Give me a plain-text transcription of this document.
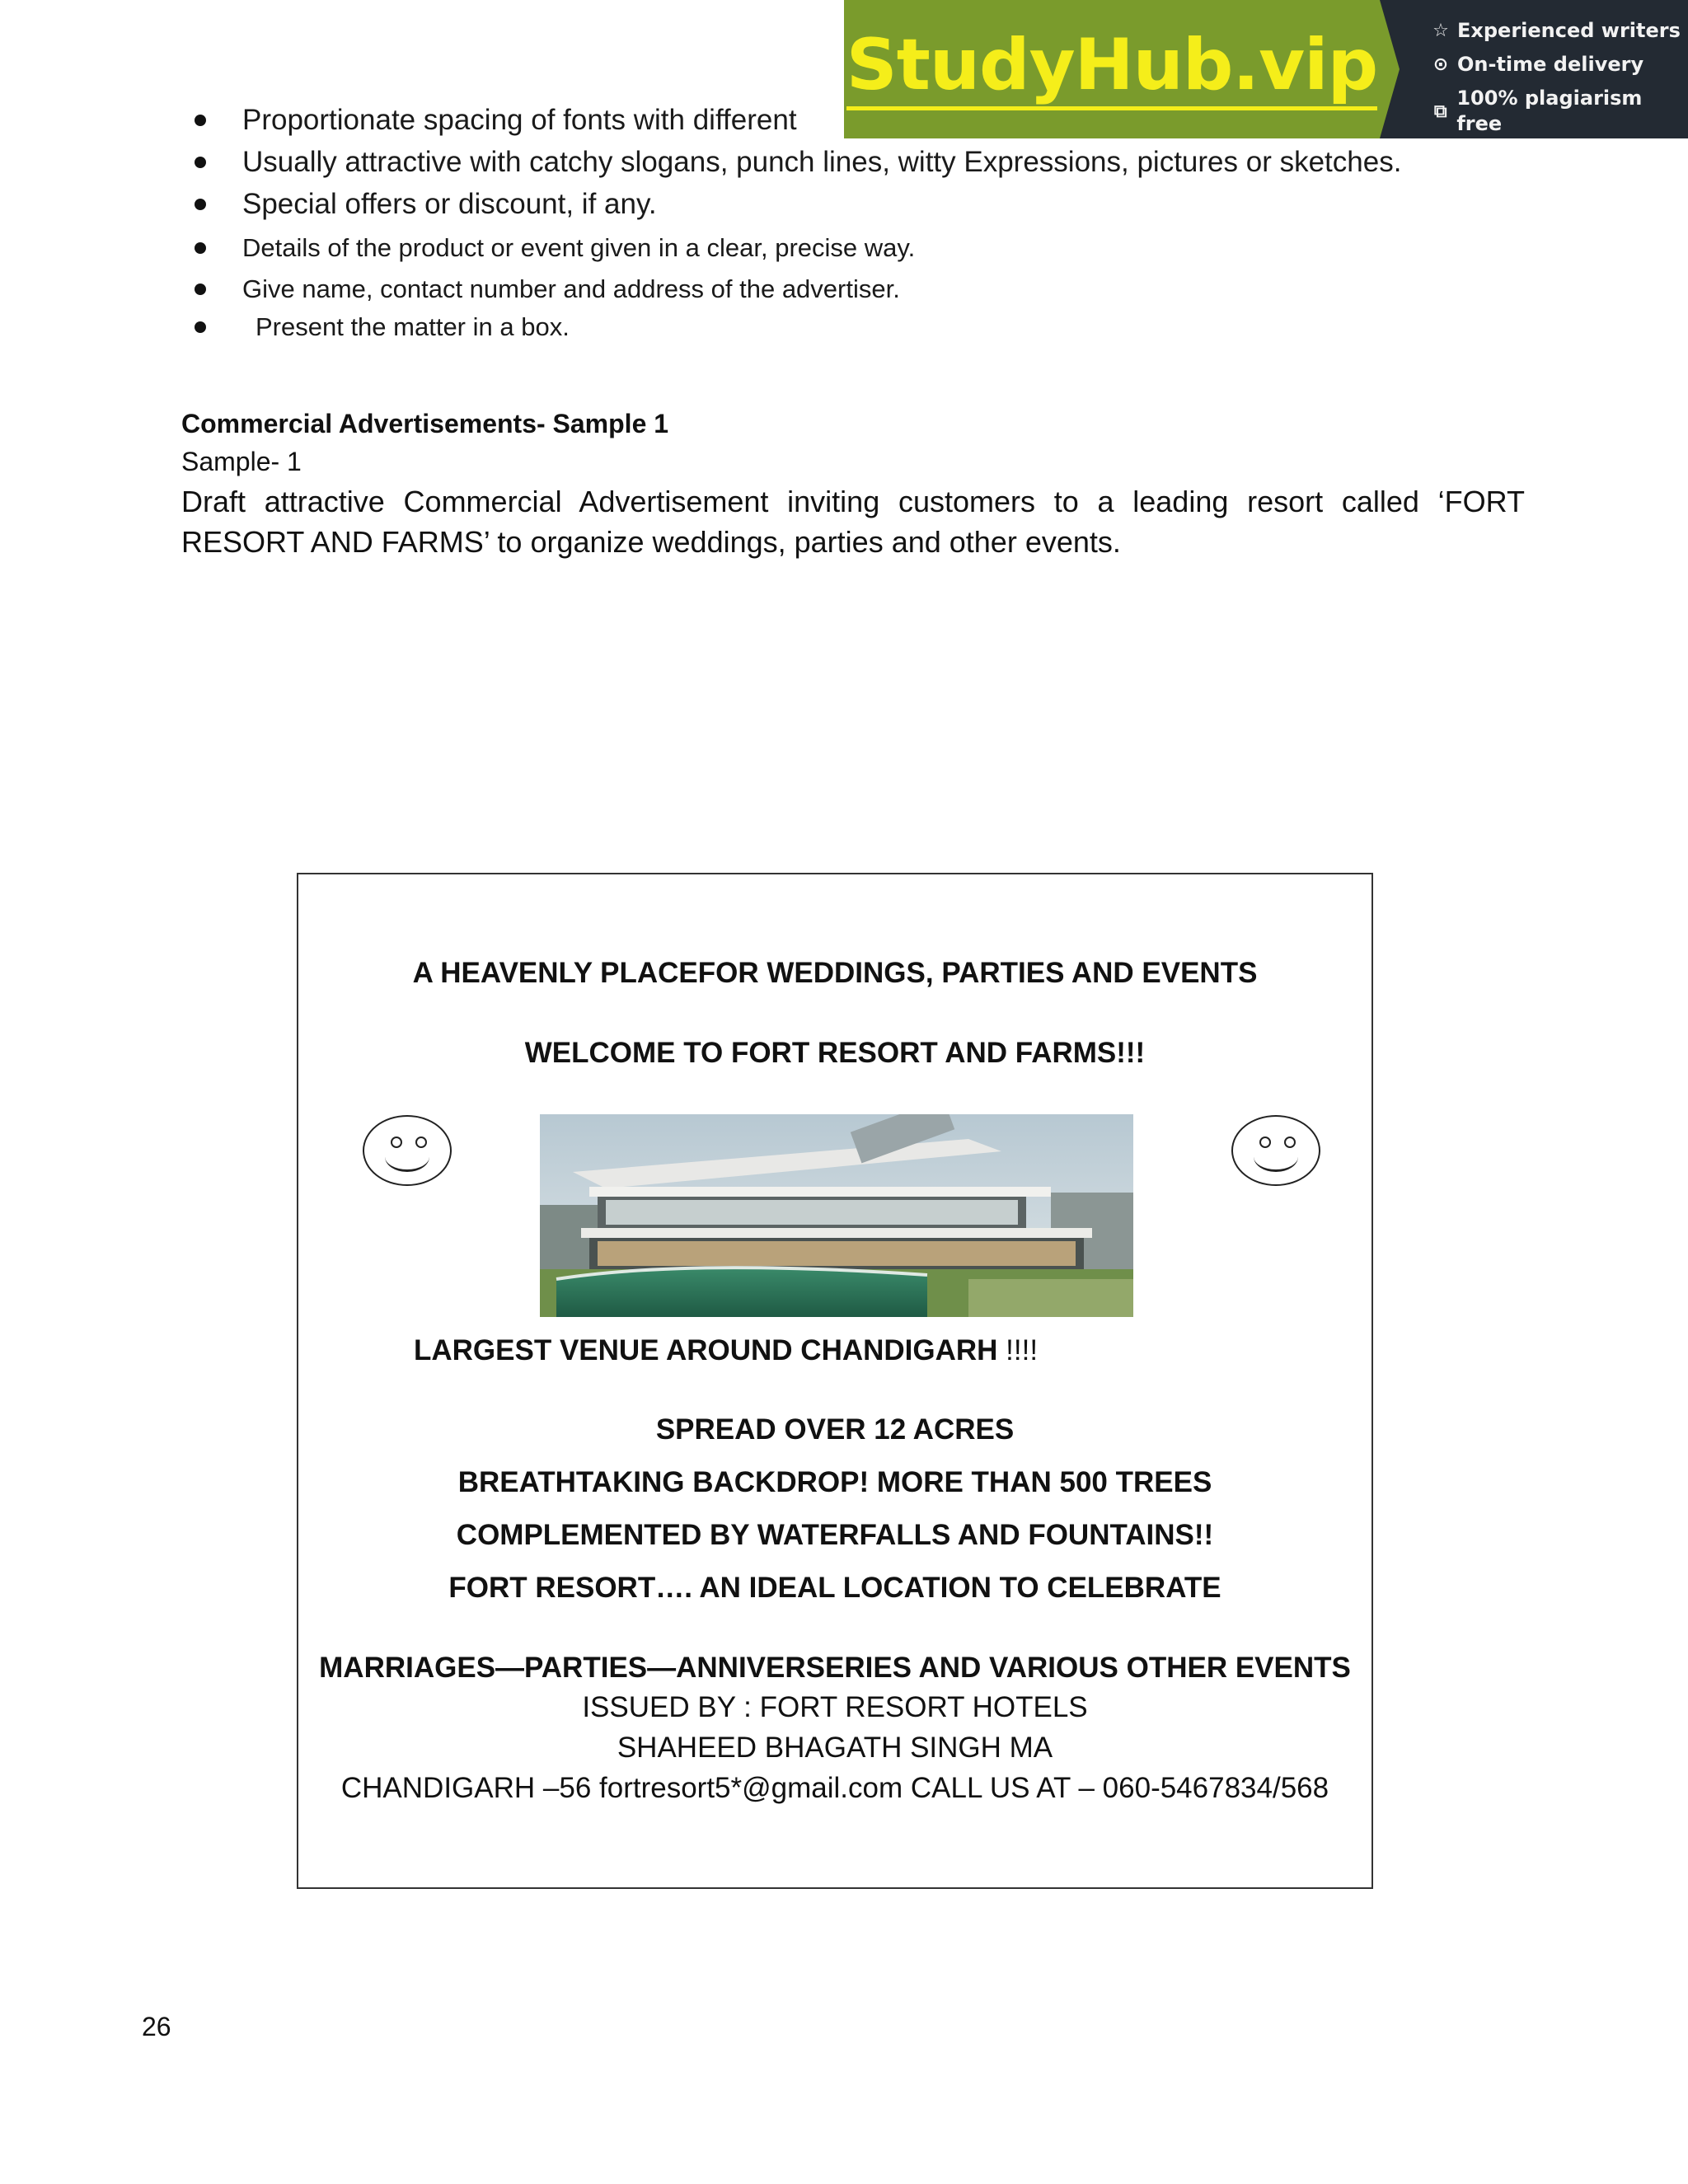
StudyHub.vip	☆ Experienced writers
⊙ On-time delivery
⧉
100% plagiarism free
Proportionate spacing of fonts with different
Usually attractive with catchy slogans, punch lines, witty Expressions, pictures or sketches.
Special offers or discount, if any.
Details of the product or event given in a clear, precise way.
Give name, contact number and address of the advertiser.
Present the matter in a box.
Commercial Advertisements- Sample 1
Sample- 1
Draft attractive Commercial Advertisement inviting customers to a leading resort called ‘FORT
RESORT AND FARMS’ to organize weddings, parties and other events.
A HEAVENLY PLACEFOR WEDDINGS, PARTIES AND EVENTS
WELCOME TO FORT RESORT AND FARMS!!!
LARGEST VENUE AROUND CHANDIGARH !!!!
SPREAD OVER 12 ACRES
BREATHTAKING BACKDROP! MORE THAN 500 TREES
COMPLEMENTED BY WATERFALLS AND FOUNTAINS!!
FORT RESORT…. AN IDEAL LOCATION TO CELEBRATE
MARRIAGES—PARTIES—ANNIVERSERIES AND VARIOUS OTHER EVENTS
ISSUED BY : FORT RESORT HOTELS
SHAHEED BHAGATH SINGH MA
CHANDIGARH –56 fortresort5*@gmail.com CALL US AT – 060-5467834/568
26
